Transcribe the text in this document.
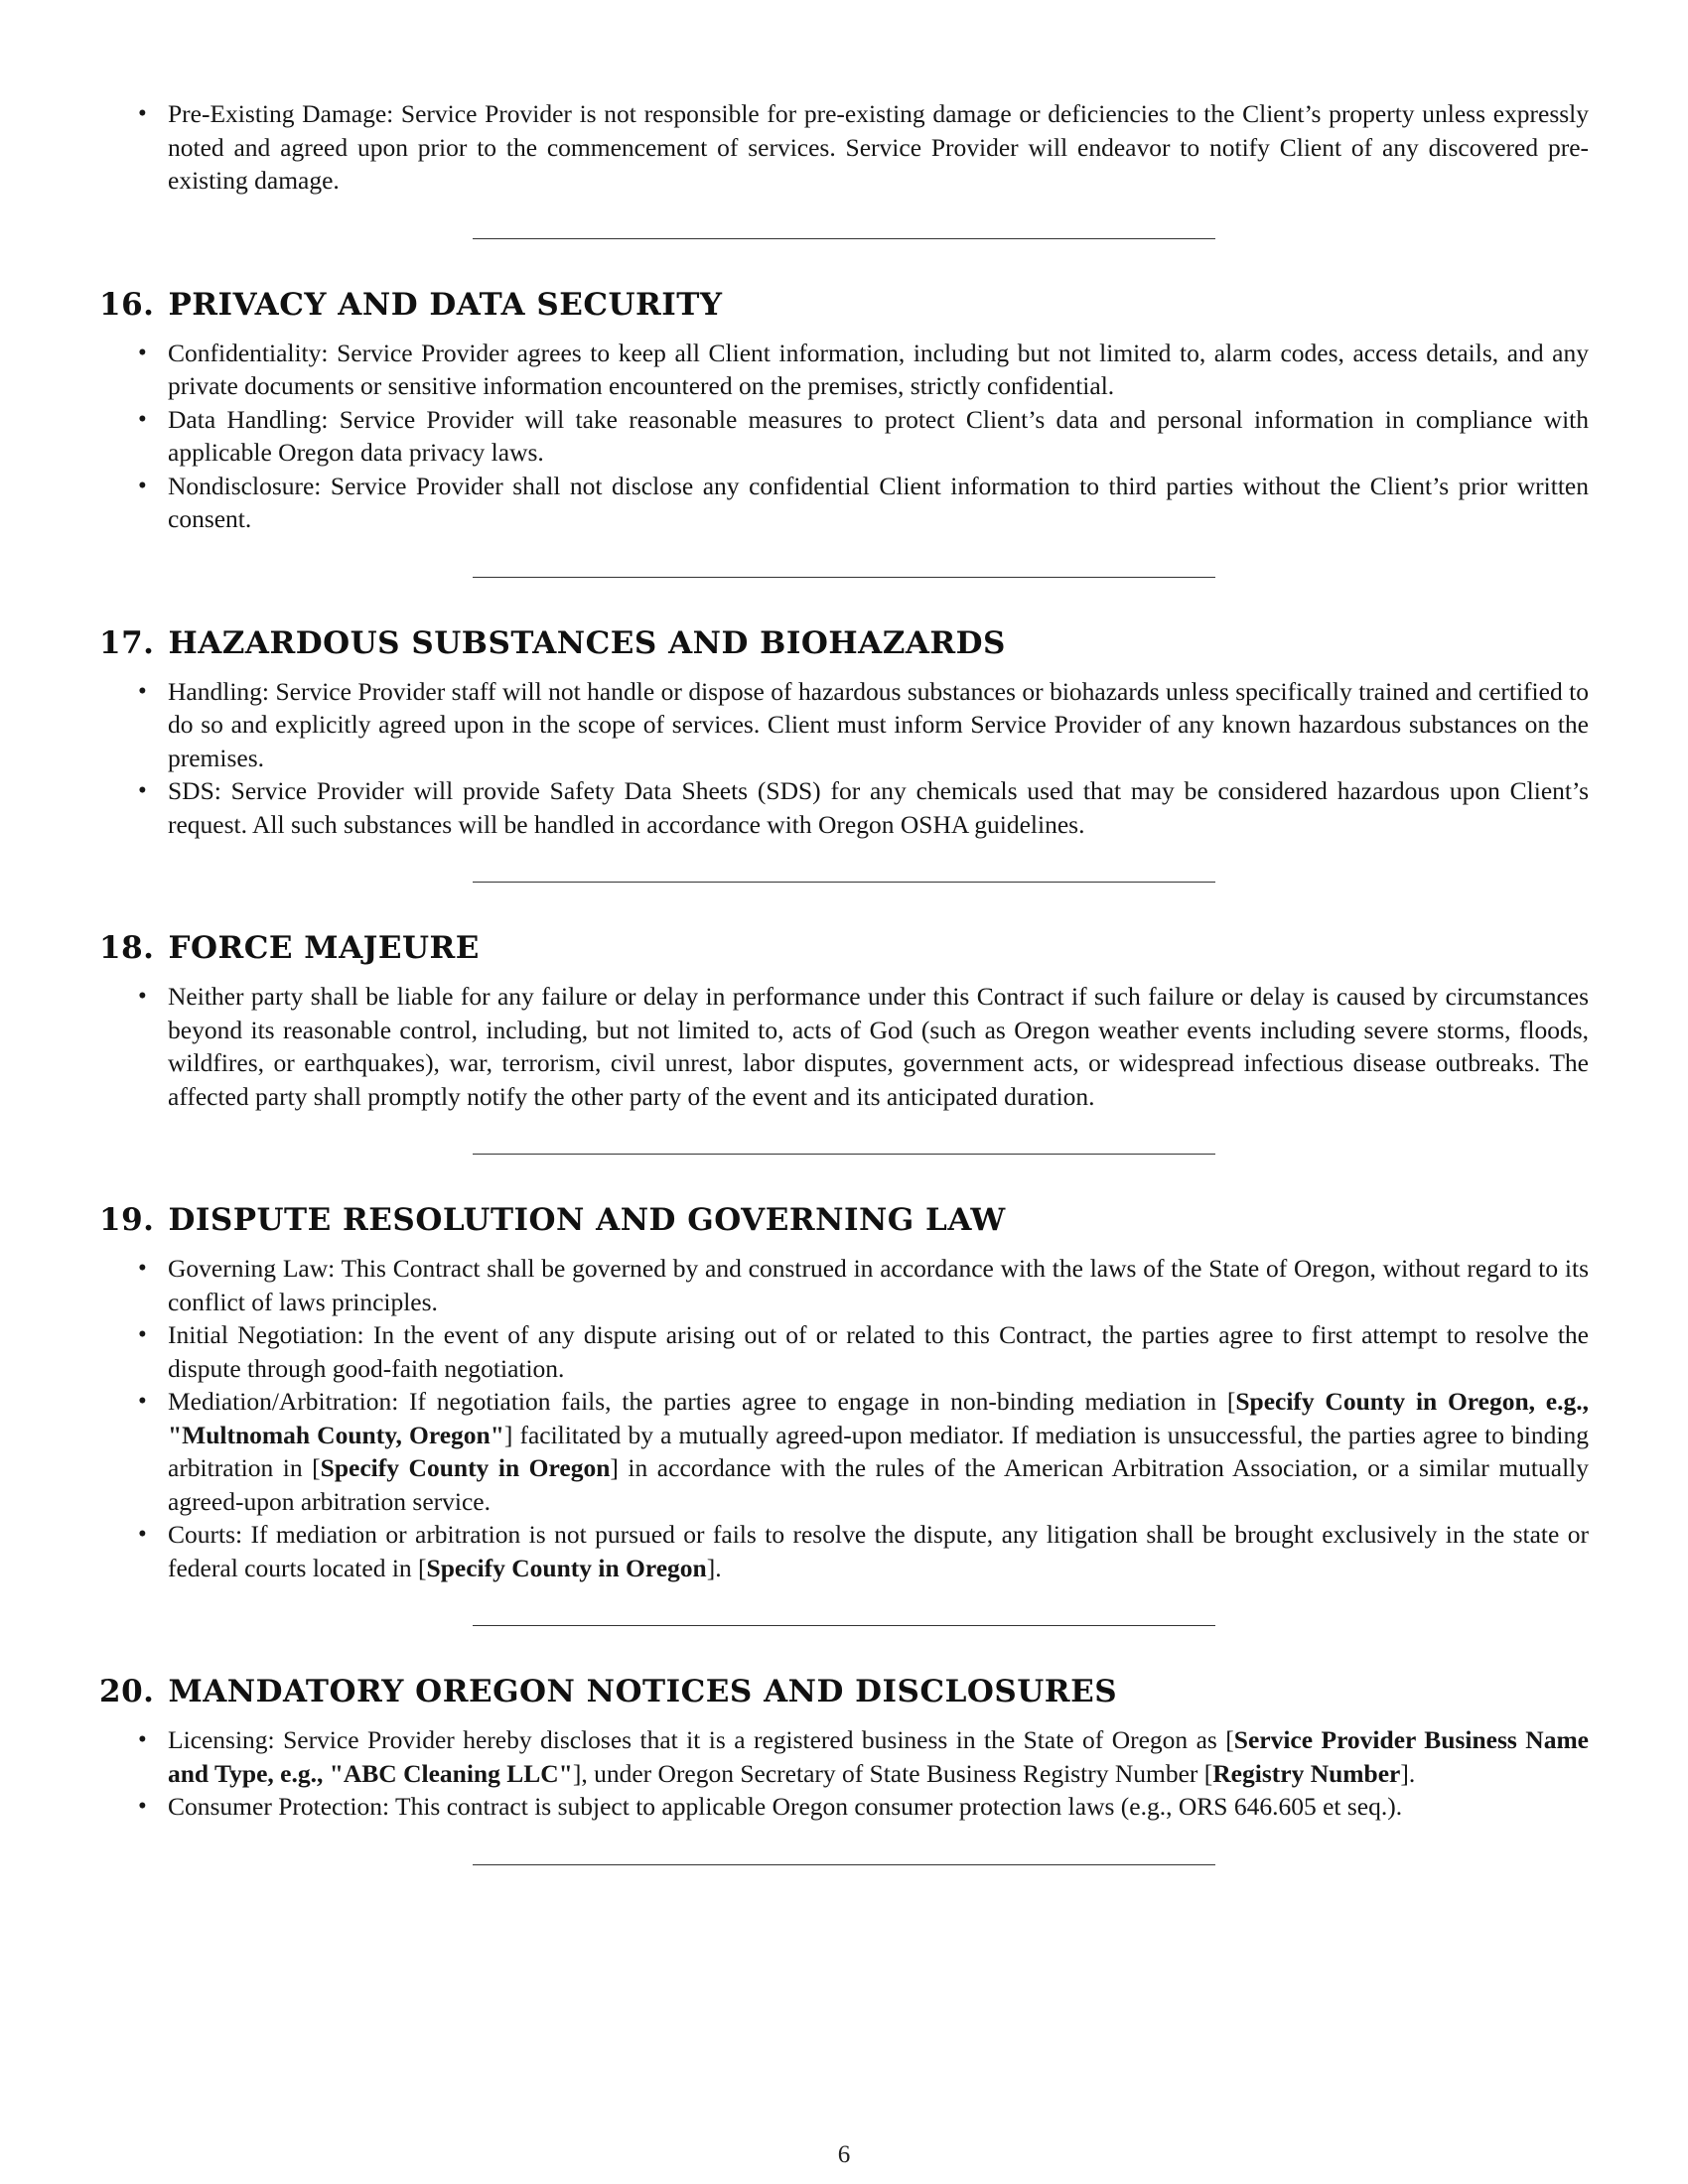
• Pre-Existing Damage: Service Provider is not responsible for pre-existing damage or deficiencies to the Client’s property unless expressly noted and agreed upon prior to the commencement of services. Service Provider will endeavor to notify Client of any discovered pre-existing damage.
16. PRIVACY AND DATA SECURITY
• Confidentiality: Service Provider agrees to keep all Client information, including but not limited to, alarm codes, access details, and any private documents or sensitive information encountered on the premises, strictly confidential.
• Data Handling: Service Provider will take reasonable measures to protect Client’s data and personal information in compliance with applicable Oregon data privacy laws.
• Nondisclosure: Service Provider shall not disclose any confidential Client information to third parties without the Client’s prior written consent.
17. HAZARDOUS SUBSTANCES AND BIOHAZARDS
• Handling: Service Provider staff will not handle or dispose of hazardous substances or biohazards unless specifically trained and certified to do so and explicitly agreed upon in the scope of services. Client must inform Service Provider of any known hazardous substances on the premises.
• SDS: Service Provider will provide Safety Data Sheets (SDS) for any chemicals used that may be considered hazardous upon Client’s request. All such substances will be handled in accordance with Oregon OSHA guidelines.
18. FORCE MAJEURE
• Neither party shall be liable for any failure or delay in performance under this Contract if such failure or delay is caused by circumstances beyond its reasonable control, including, but not limited to, acts of God (such as Oregon weather events including severe storms, floods, wildfires, or earthquakes), war, terrorism, civil unrest, labor disputes, government acts, or widespread infectious disease outbreaks. The affected party shall promptly notify the other party of the event and its anticipated duration.
19. DISPUTE RESOLUTION AND GOVERNING LAW
• Governing Law: This Contract shall be governed by and construed in accordance with the laws of the State of Oregon, without regard to its conflict of laws principles.
• Initial Negotiation: In the event of any dispute arising out of or related to this Contract, the parties agree to first attempt to resolve the dispute through good-faith negotiation.
• Mediation/Arbitration: If negotiation fails, the parties agree to engage in non-binding mediation in [Specify County in Oregon, e.g., "Multnomah County, Oregon"] facilitated by a mutually agreed-upon mediator. If mediation is unsuccessful, the parties agree to binding arbitration in [Specify County in Oregon] in accordance with the rules of the American Arbitration Association, or a similar mutually agreed-upon arbitration service.
• Courts: If mediation or arbitration is not pursued or fails to resolve the dispute, any litigation shall be brought exclusively in the state or federal courts located in [Specify County in Oregon].
20. MANDATORY OREGON NOTICES AND DISCLOSURES
• Licensing: Service Provider hereby discloses that it is a registered business in the State of Oregon as [Service Provider Business Name and Type, e.g., "ABC Cleaning LLC"], under Oregon Secretary of State Business Registry Number [Registry Number].
• Consumer Protection: This contract is subject to applicable Oregon consumer protection laws (e.g., ORS 646.605 et seq.).
6
